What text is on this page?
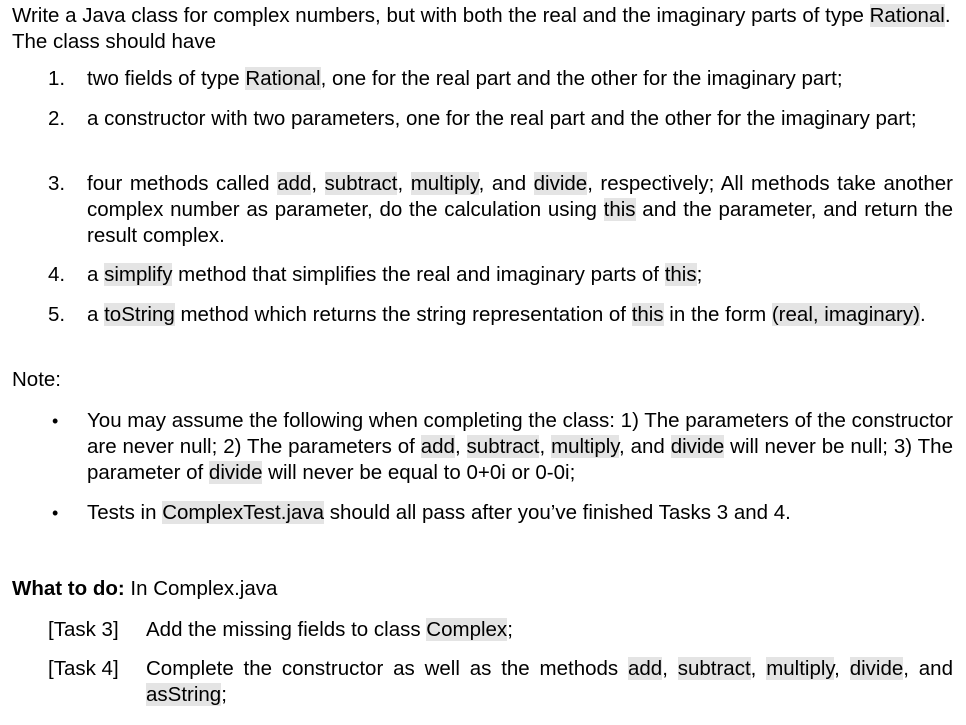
Write a Java class for complex numbers, but with both the real and the imaginary parts of type Rational. The class should have

1.	two fields of type Rational, one for the real part and the other for the imaginary part;

2.	a constructor with two parameters, one for the real part and the other for the imaginary part;

3.	four methods called add, subtract, multiply, and divide, respectively; All methods take another complex number as parameter, do the calculation using this and the parameter, and return the result complex.

4.	a simplify method that simplifies the real and imaginary parts of this;

5.	a toString method which returns the string representation of this in the form (real, imaginary).

Note:

• You may assume the following when completing the class: 1) The parameters of the constructor are never null; 2) The parameters of add, subtract, multiply, and divide will never be null; 3) The parameter of divide will never be equal to 0+0i or 0-0i;

• Tests in ComplexTest.java should all pass after you’ve finished Tasks 3 and 4.

What to do: In Complex.java

[Task 3] Add the missing fields to class Complex;

[Task 4] Complete the constructor as well as the methods add, subtract, multiply, divide, and asString;
